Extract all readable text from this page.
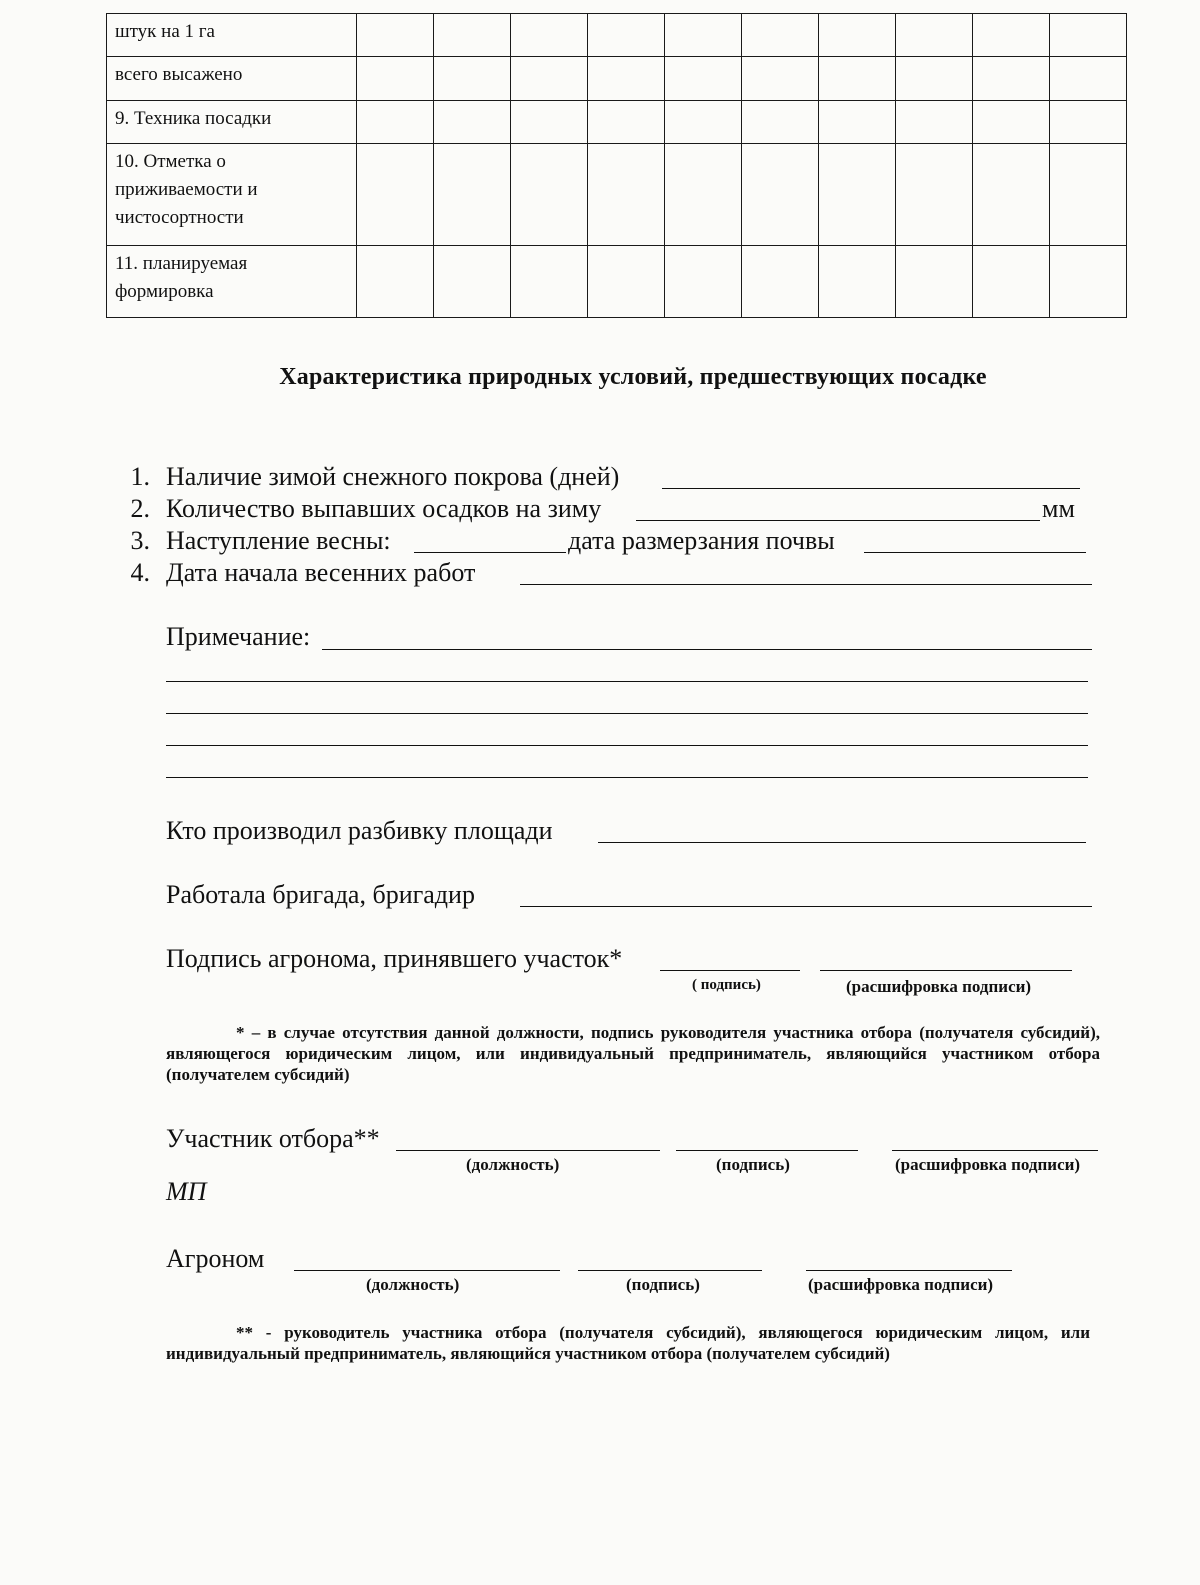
штук на 1 га										
всего высажено										
9. Техника посадки										
10. Отметка о приживаемости и чистосортности										
11. планируемая формировка										
Характеристика природных условий, предшествующих посадке
1. Наличие зимой снежного покрова (дней)
2. Количество выпавших осадков на зиму	мм
3. Наступление весны:	дата размерзания почвы
4. Дата начала весенних работ
Примечание:
Кто производил разбивку площади
Работала бригада, бригадир
Подпись агронома, принявшего участок*
( подпись)	(расшифровка подписи)
* – в случае отсутствия данной должности, подпись руководителя участника отбора (получателя субсидий), являющегося юридическим лицом, или индивидуальный предприниматель, являющийся участником отбора (получателем субсидий)
Участник отбора**
(должность)	(подпись)	(расшифровка подписи)
МП
Агроном
(должность)	(подпись)	(расшифровка подписи)
** - руководитель участника отбора (получателя субсидий), являющегося юридическим лицом, или индивидуальный предприниматель, являющийся участником отбора (получателем субсидий)
